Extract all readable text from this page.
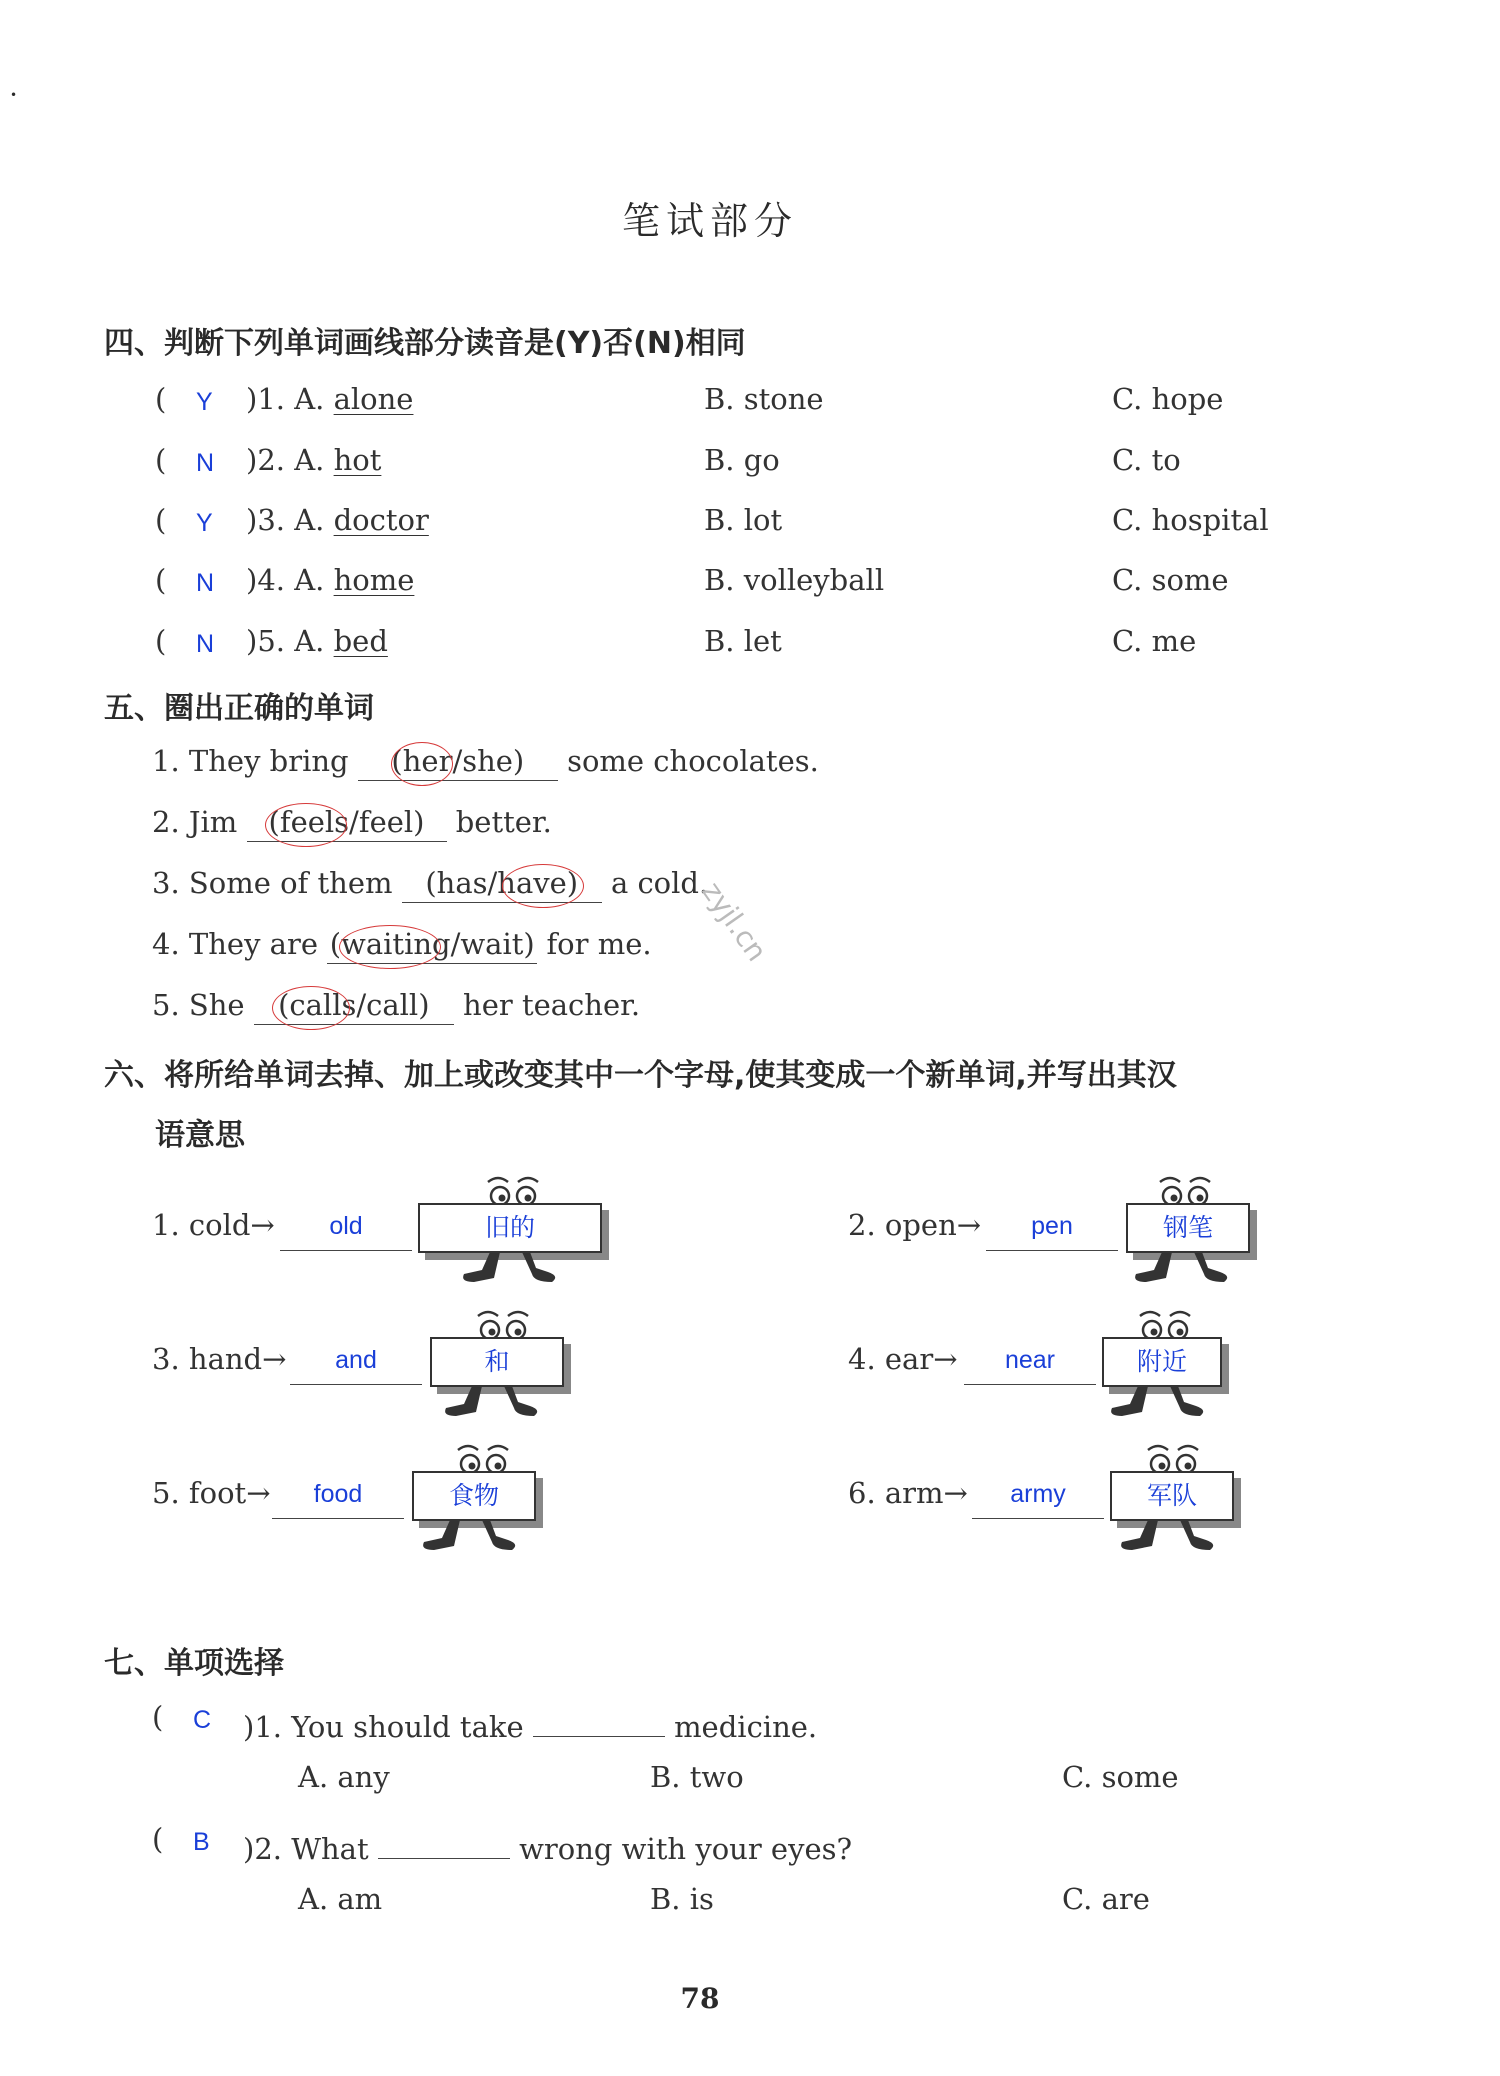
•
笔试部分
四、判断下列单词画线部分读音是(Y)否(N)相同
( Y )1. A. alone	B. stone	C. hope
( N )2. A. hot	B. go	C. to
( Y )3. A. doctor	B. lot	C. hospital
( N )4. A. home	B. volleyball	C. some
( N )5. A. bed	B. let	C. me
五、圈出正确的单词
1. They bring (her/she) some chocolates.
2. Jim (feels/feel) better.
3. Some of them (has/have) a cold.
4. They are (waiting/wait) for me.
5. She (calls/call) her teacher.
zyjl.cn
六、将所给单词去掉、加上或改变其中一个字母,使其变成一个新单词,并写出其汉
语意思
1. cold→	old	旧的	2. open→	pen	钢笔
3. hand→	and	和	4. ear→	near	附近
5. foot→	food	食物	6. arm→	army	军队
七、单项选择
( C )1. You should take	medicine.
A. any	B. two	C. some
( B )2. What	wrong with your eyes?
A. am	B. is	C. are
78
